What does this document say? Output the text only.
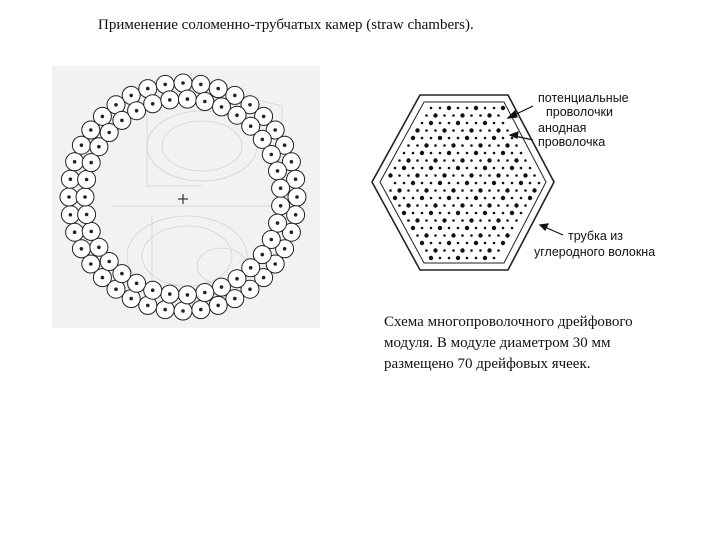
Применение соломенно-трубчатых камер (straw chambers).
потенциальные
проволочки
анодная
проволочка
трубка из
углеродного волокна
Схема многопроволочного дрейфового
модуля. В модуле диаметром 30 мм
размещено 70 дрейфовых ячеек.
